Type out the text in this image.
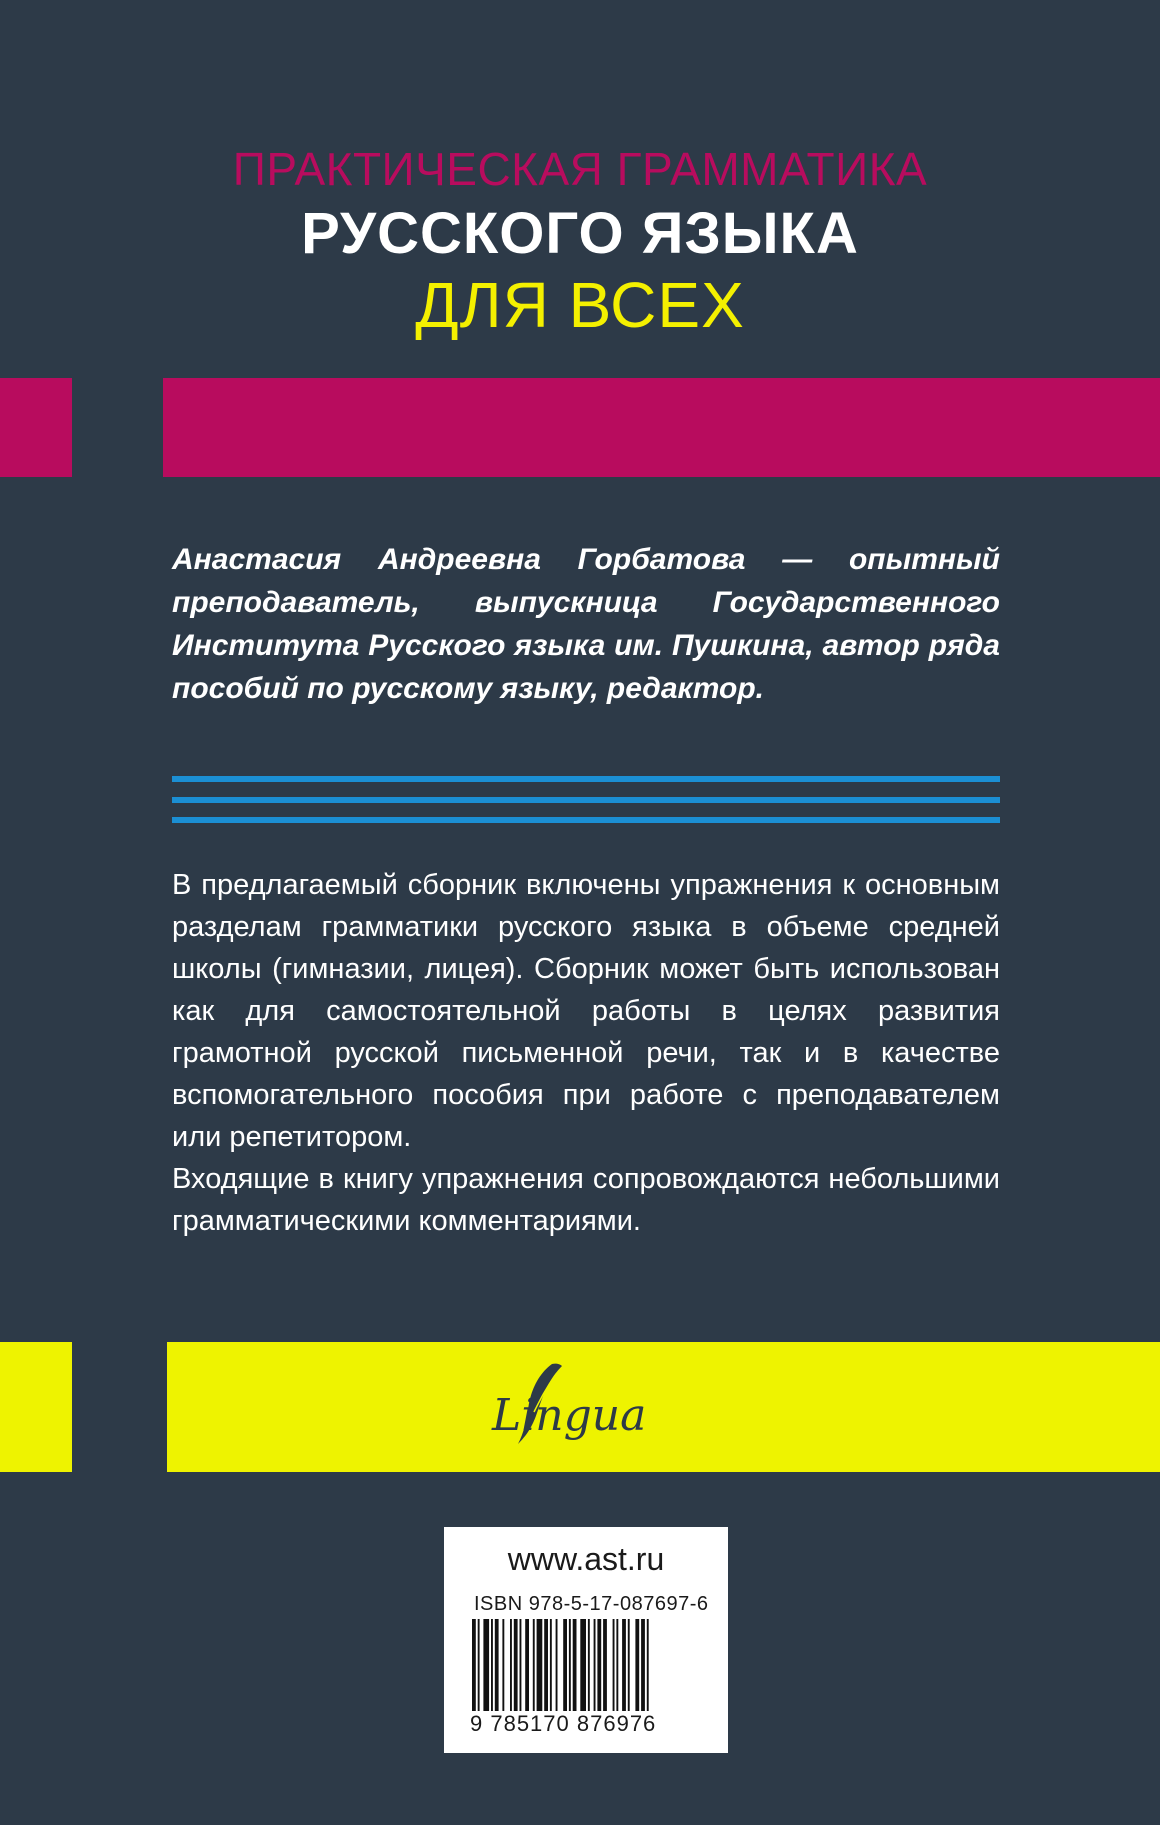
ПРАКТИЧЕСКАЯ ГРАММАТИКА
РУССКОГО ЯЗЫКА
ДЛЯ ВСЕХ

Анастасия Андреевна Горбатова — опытный преподаватель, выпускница Государственного Института Русского языка им. Пушкина, автор ряда пособий по русскому языку, редактор.

В предлагаемый сборник включены упражнения к основным разделам грамматики русского языка в объеме средней школы (гимназии, лицея). Сборник может быть использован как для самостоятельной работы в целях развития грамотной русской письменной речи, так и в качестве вспомогательного пособия при работе с преподавателем или репетитором.

Входящие в книгу упражнения сопровождаются небольшими грамматическими комментариями.

Lingua
www.ast.ru
ISBN 978-5-17-087697-6
9 785170 876976
